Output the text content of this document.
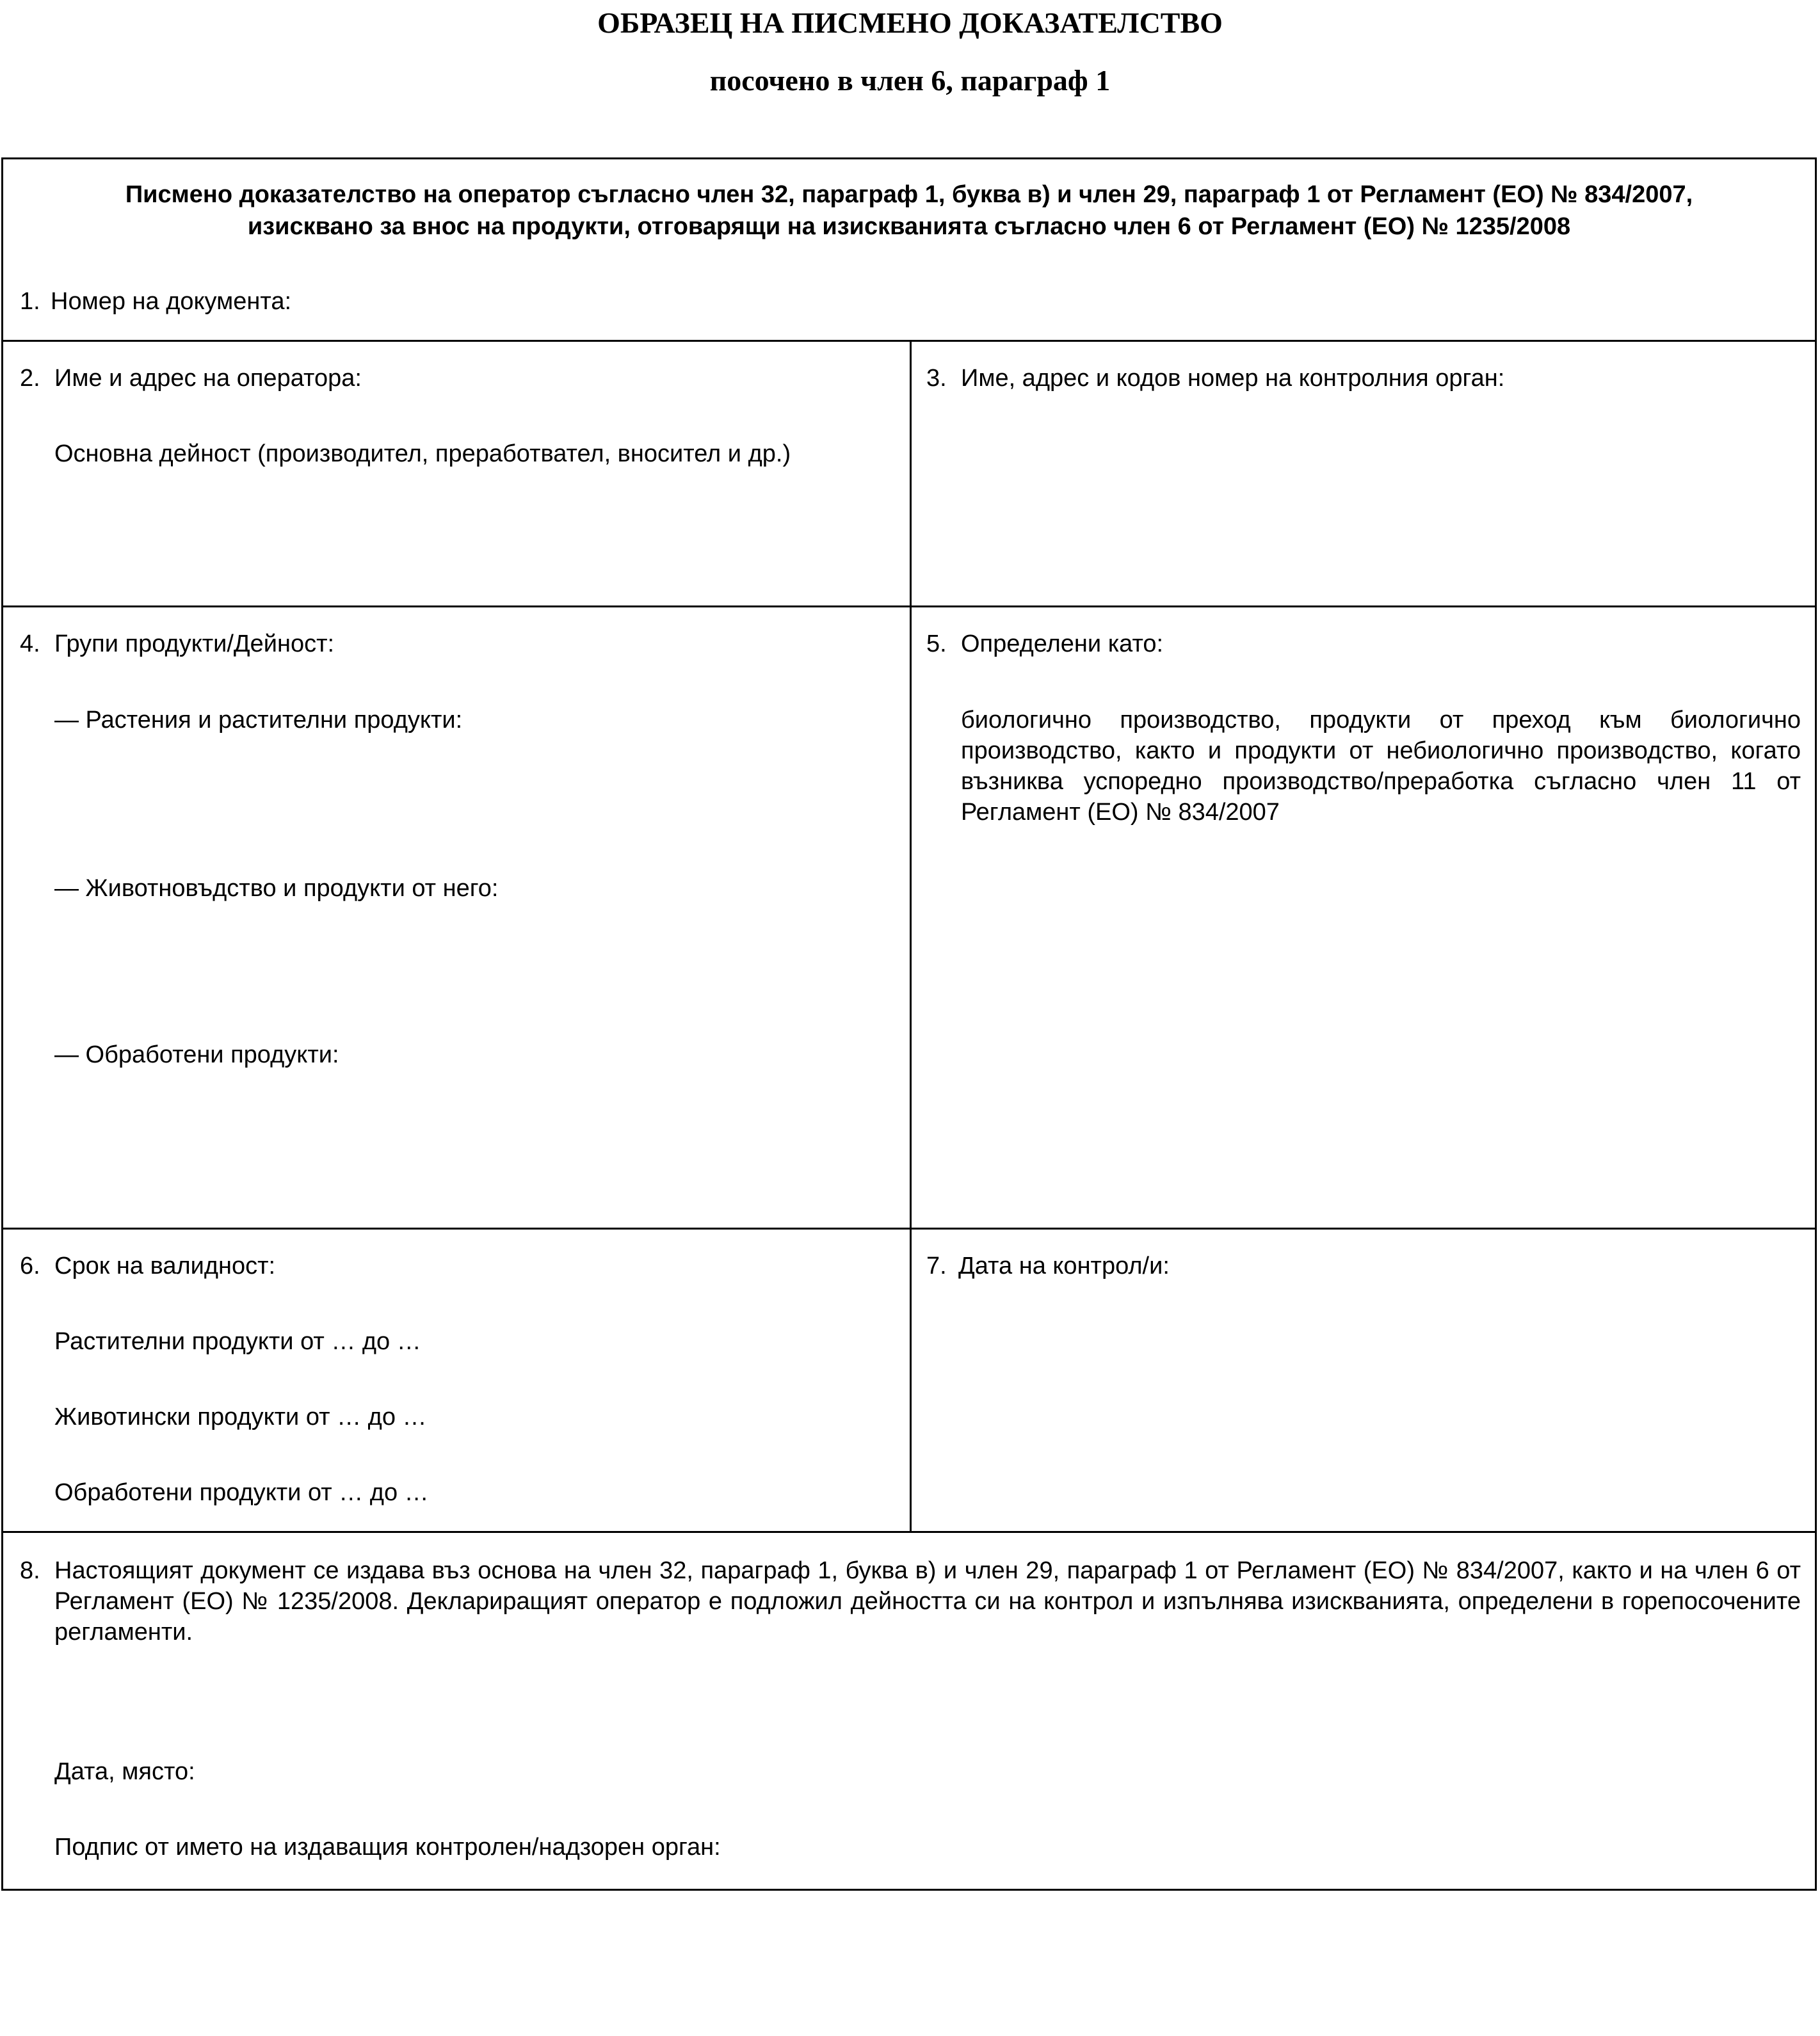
ОБРАЗЕЦ НА ПИСМЕНО ДОКАЗАТЕЛСТВО
посочено в член 6, параграф 1
Писмено доказателство на оператор съгласно член 32, параграф 1, буква в) и член 29, параграф 1 от Регламент (ЕО) № 834/2007,
изисквано за внос на продукти, отговарящи на изискванията съгласно член 6 от Регламент (ЕО) № 1235/2008
1. Номер на документа:
2. Име и адрес на оператора:
Основна дейност (производител, преработвател, вносител и др.)
3. Име, адрес и кодов номер на контролния орган:
4. Групи продукти/Дейност:
— Растения и растителни продукти:
— Животновъдство и продукти от него:
— Обработени продукти:
5. Определени като:
биологично производство, продукти от преход към биологично производство, както и продукти от небиологично производство, когато възниква успоредно производство/преработка съгласно член 11 от Регламент (ЕО) № 834/2007
6. Срок на валидност:
Растителни продукти от … до …
Животински продукти от … до …
Обработени продукти от … до …
7. Дата на контрол/и:
8. Настоящият документ се издава въз основа на член 32, параграф 1, буква в) и член 29, параграф 1 от Регламент (ЕО) № 834/2007, както и на член 6 от Регламент (ЕО) № 1235/2008. Деклариращият оператор е подложил дейността си на контрол и изпълнява изискванията, определени в горепосочените регламенти.
Дата, място:
Подпис от името на издаващия контролен/надзорен орган:
